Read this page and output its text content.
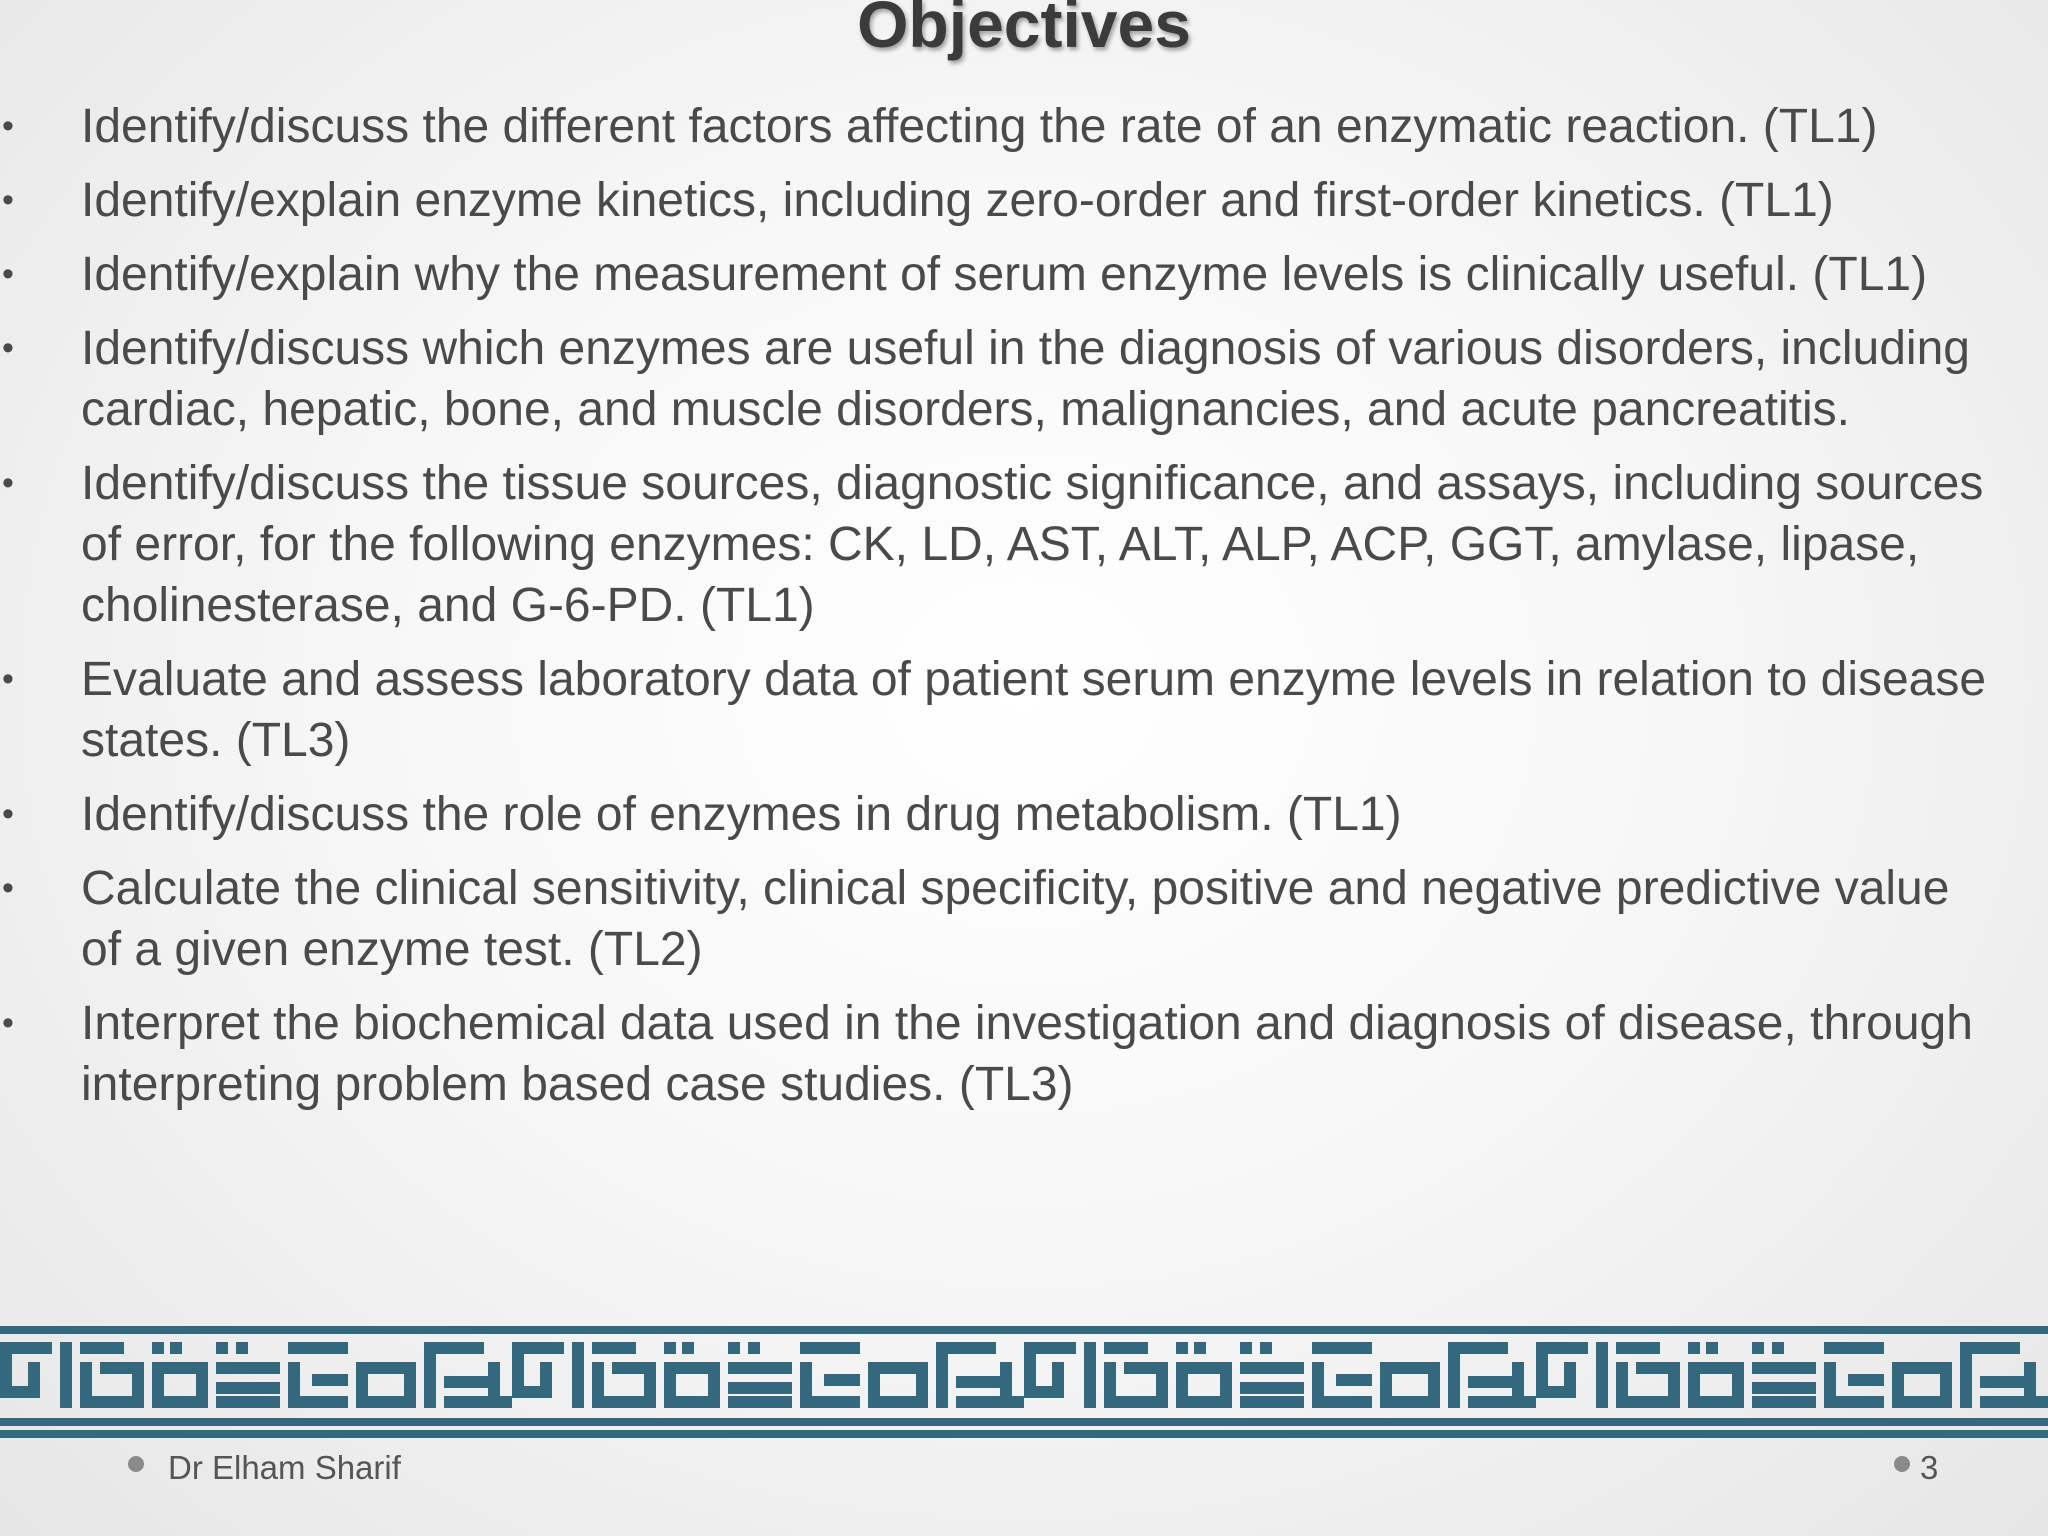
Objectives
• Identify/discuss the different factors affecting the rate of an enzymatic reaction. (TL1)
• Identify/explain enzyme kinetics, including zero-order and first-order kinetics. (TL1)
• Identify/explain why the measurement of serum enzyme levels is clinically useful. (TL1)
• Identify/discuss which enzymes are useful in the diagnosis of various disorders, including cardiac, hepatic, bone, and muscle disorders, malignancies, and acute pancreatitis.
• Identify/discuss the tissue sources, diagnostic significance, and assays, including sources of error, for the following enzymes: CK, LD, AST, ALT, ALP, ACP, GGT, amylase, lipase, cholinesterase, and G-6-PD. (TL1)
• Evaluate and assess laboratory data of patient serum enzyme levels in relation to disease states. (TL3)
• Identify/discuss the role of enzymes in drug metabolism. (TL1)
• Calculate the clinical sensitivity, clinical specificity, positive and negative predictive value of a given enzyme test. (TL2)
• Interpret the biochemical data used in the investigation and diagnosis of disease, through interpreting problem based case studies. (TL3)
Dr Elham Sharif	3
